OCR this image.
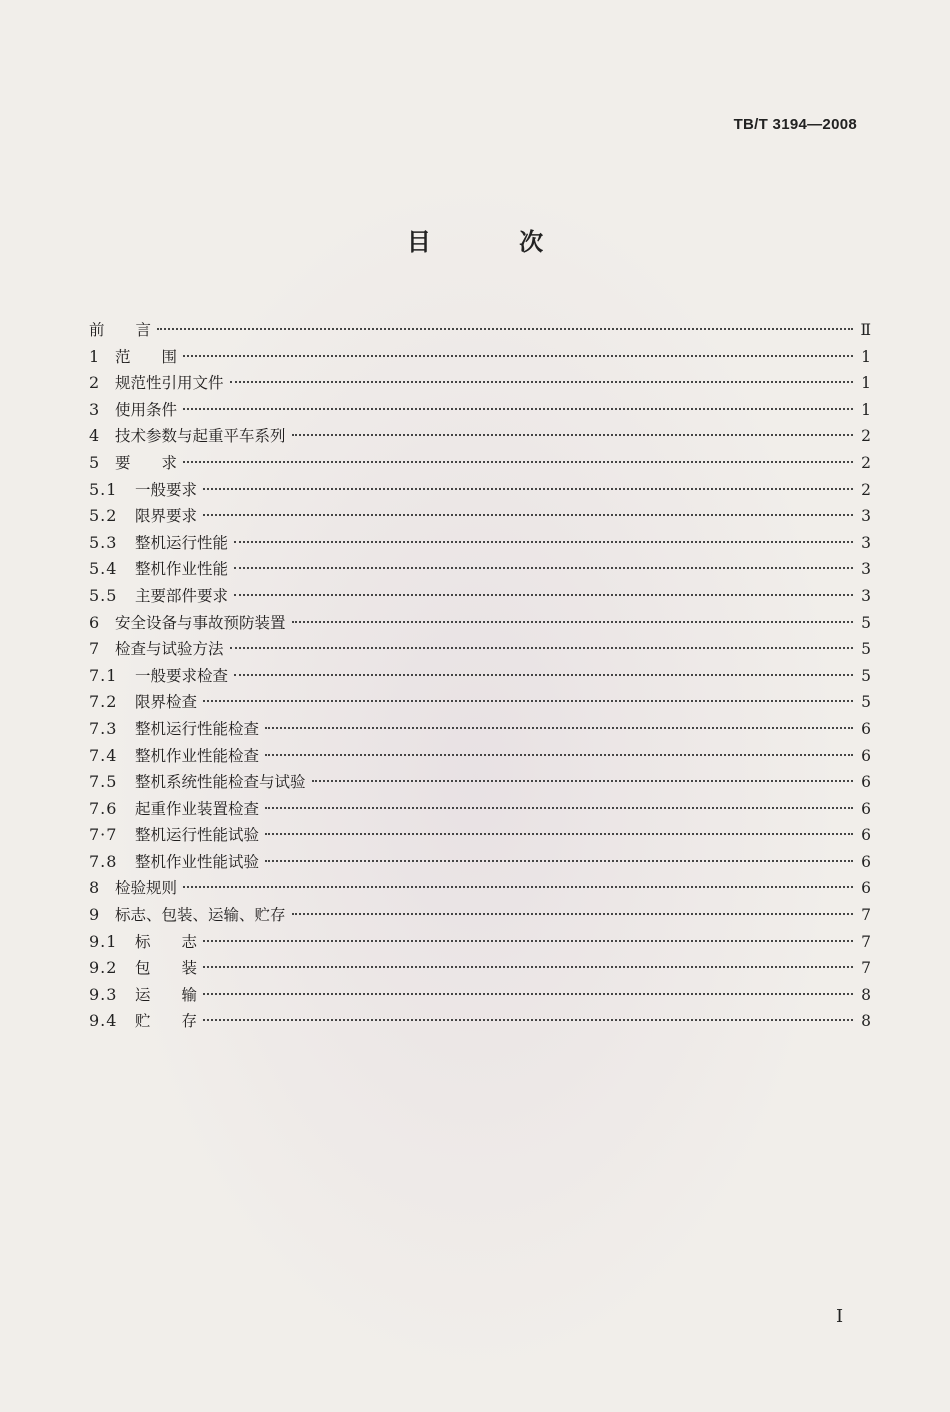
TB/T 3194—2008
目 次
前　　言	Ⅱ
1	范　　围	1
2	规范性引用文件	1
3	使用条件	1
4	技术参数与起重平车系列	2
5	要　　求	2
5.1	一般要求	2
5.2	限界要求	3
5.3	整机运行性能	3
5.4	整机作业性能	3
5.5	主要部件要求	3
6	安全设备与事故预防装置	5
7	检查与试验方法	5
7.1	一般要求检查	5
7.2	限界检查	5
7.3	整机运行性能检查	6
7.4	整机作业性能检查	6
7.5	整机系统性能检查与试验	6
7.6	起重作业装置检查	6
7·7	整机运行性能试验	6
7.8	整机作业性能试验	6
8	检验规则	6
9	标志、包装、运输、贮存	7
9.1	标　　志	7
9.2	包　　装	7
9.3	运　　输	8
9.4	贮　　存	8
I
